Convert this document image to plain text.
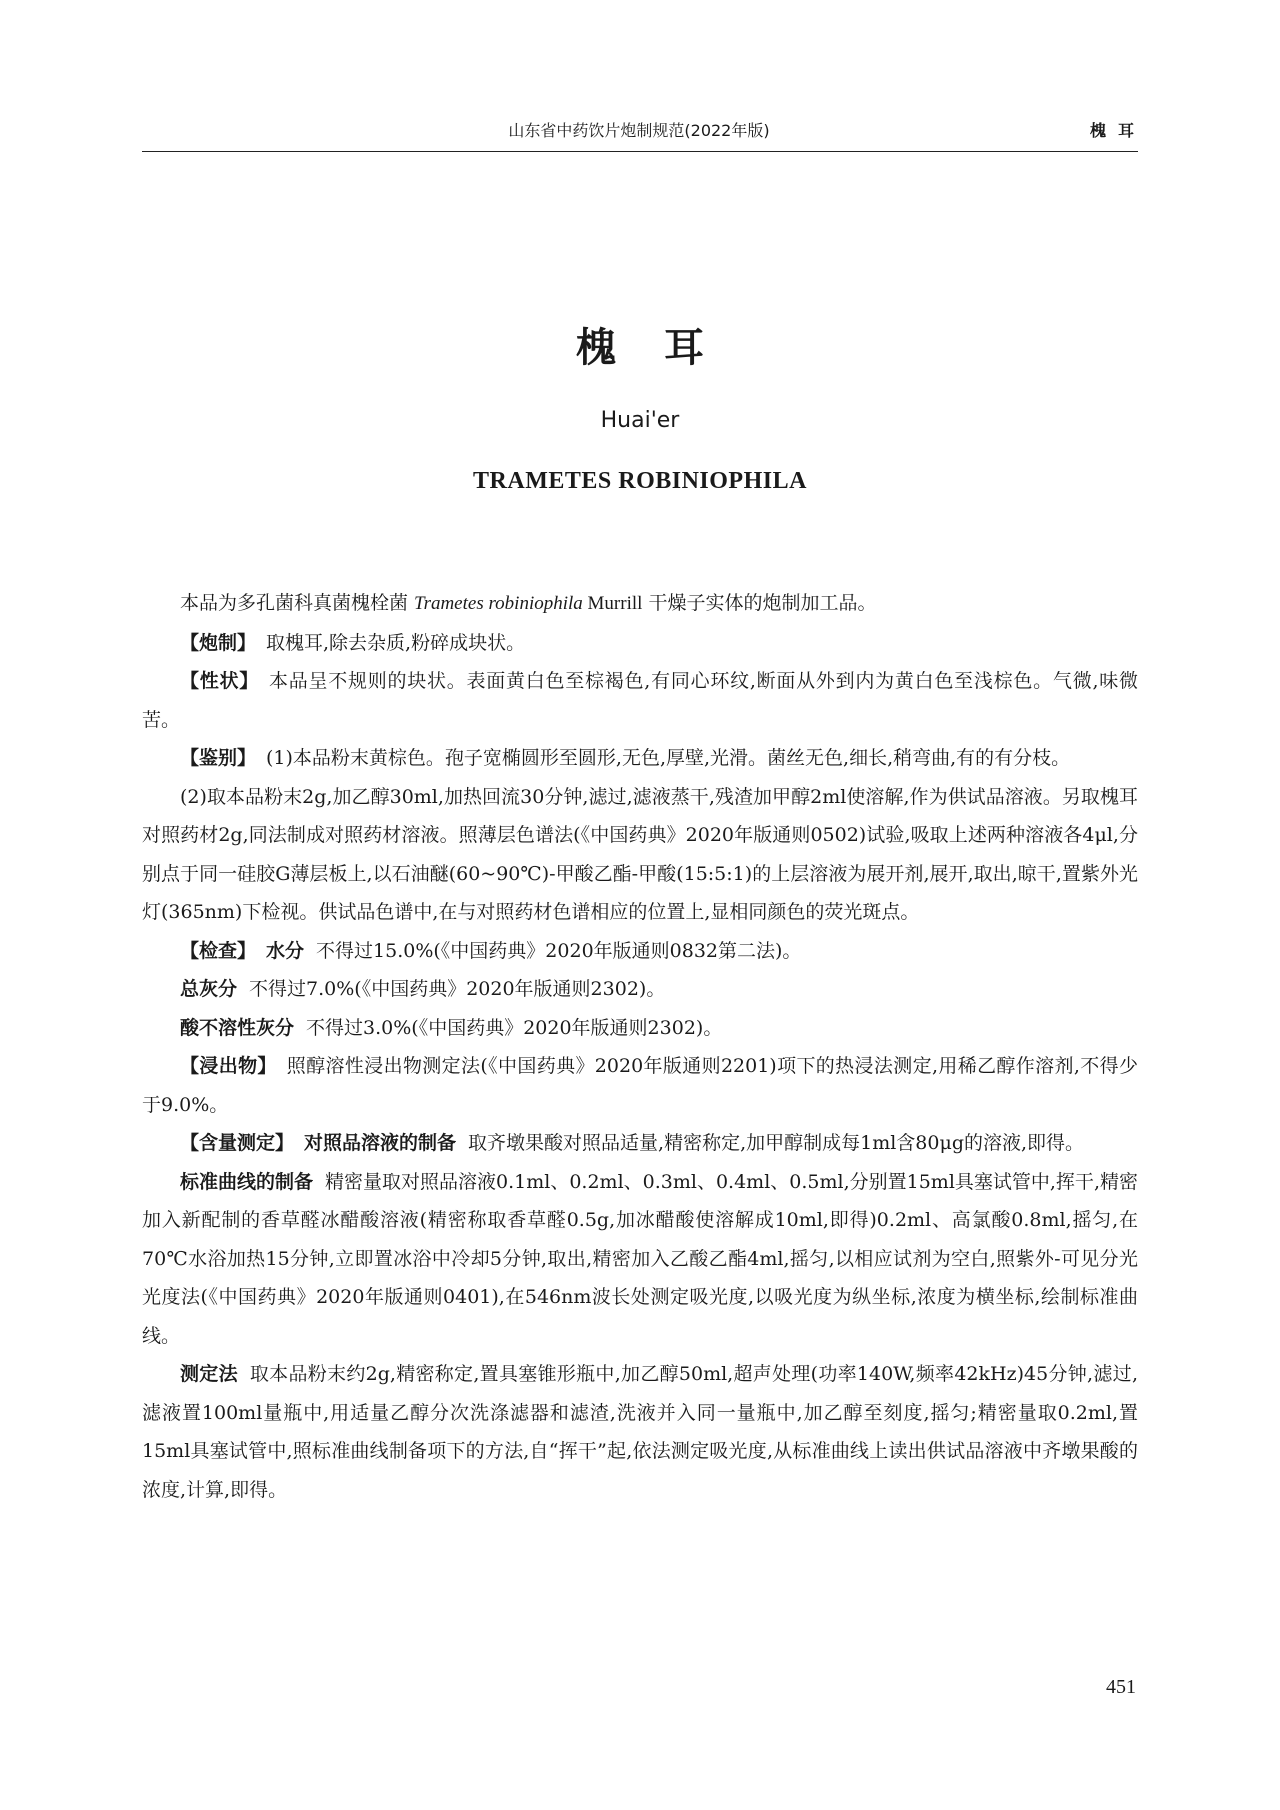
山东省中药饮片炮制规范(2022年版)	槐耳
槐耳
Huai'er
TRAMETES ROBINIOPHILA

本品为多孔菌科真菌槐栓菌 Trametes robiniophila Murrill 干燥子实体的炮制加工品。

【炮制】 取槐耳,除去杂质,粉碎成块状。

【性状】 本品呈不规则的块状。表面黄白色至棕褐色,有同心环纹,断面从外到内为黄白色至浅棕色。气微,味微苦。

【鉴别】 (1)本品粉末黄棕色。孢子宽椭圆形至圆形,无色,厚壁,光滑。菌丝无色,细长,稍弯曲,有的有分枝。

(2)取本品粉末2g,加乙醇30ml,加热回流30分钟,滤过,滤液蒸干,残渣加甲醇2ml使溶解,作为供试品溶液。另取槐耳对照药材2g,同法制成对照药材溶液。照薄层色谱法(《中国药典》2020年版通则0502)试验,吸取上述两种溶液各4μl,分别点于同一硅胶G薄层板上,以石油醚(60~90℃)-甲酸乙酯-甲酸(15:5:1)的上层溶液为展开剂,展开,取出,晾干,置紫外光灯(365nm)下检视。供试品色谱中,在与对照药材色谱相应的位置上,显相同颜色的荧光斑点。

【检查】 水分 不得过15.0%(《中国药典》2020年版通则0832第二法)。

总灰分 不得过7.0%(《中国药典》2020年版通则2302)。

酸不溶性灰分 不得过3.0%(《中国药典》2020年版通则2302)。

【浸出物】 照醇溶性浸出物测定法(《中国药典》2020年版通则2201)项下的热浸法测定,用稀乙醇作溶剂,不得少于9.0%。

【含量测定】 对照品溶液的制备 取齐墩果酸对照品适量,精密称定,加甲醇制成每1ml含80μg的溶液,即得。

标准曲线的制备 精密量取对照品溶液0.1ml、0.2ml、0.3ml、0.4ml、0.5ml,分别置15ml具塞试管中,挥干,精密加入新配制的香草醛冰醋酸溶液(精密称取香草醛0.5g,加冰醋酸使溶解成10ml,即得)0.2ml、高氯酸0.8ml,摇匀,在70℃水浴加热15分钟,立即置冰浴中冷却5分钟,取出,精密加入乙酸乙酯4ml,摇匀,以相应试剂为空白,照紫外-可见分光光度法(《中国药典》2020年版通则0401),在546nm波长处测定吸光度,以吸光度为纵坐标,浓度为横坐标,绘制标准曲线。

测定法 取本品粉末约2g,精密称定,置具塞锥形瓶中,加乙醇50ml,超声处理(功率140W,频率42kHz)45分钟,滤过,滤液置100ml量瓶中,用适量乙醇分次洗涤滤器和滤渣,洗液并入同一量瓶中,加乙醇至刻度,摇匀;精密量取0.2ml,置15ml具塞试管中,照标准曲线制备项下的方法,自“挥干”起,依法测定吸光度,从标准曲线上读出供试品溶液中齐墩果酸的浓度,计算,即得。

451
